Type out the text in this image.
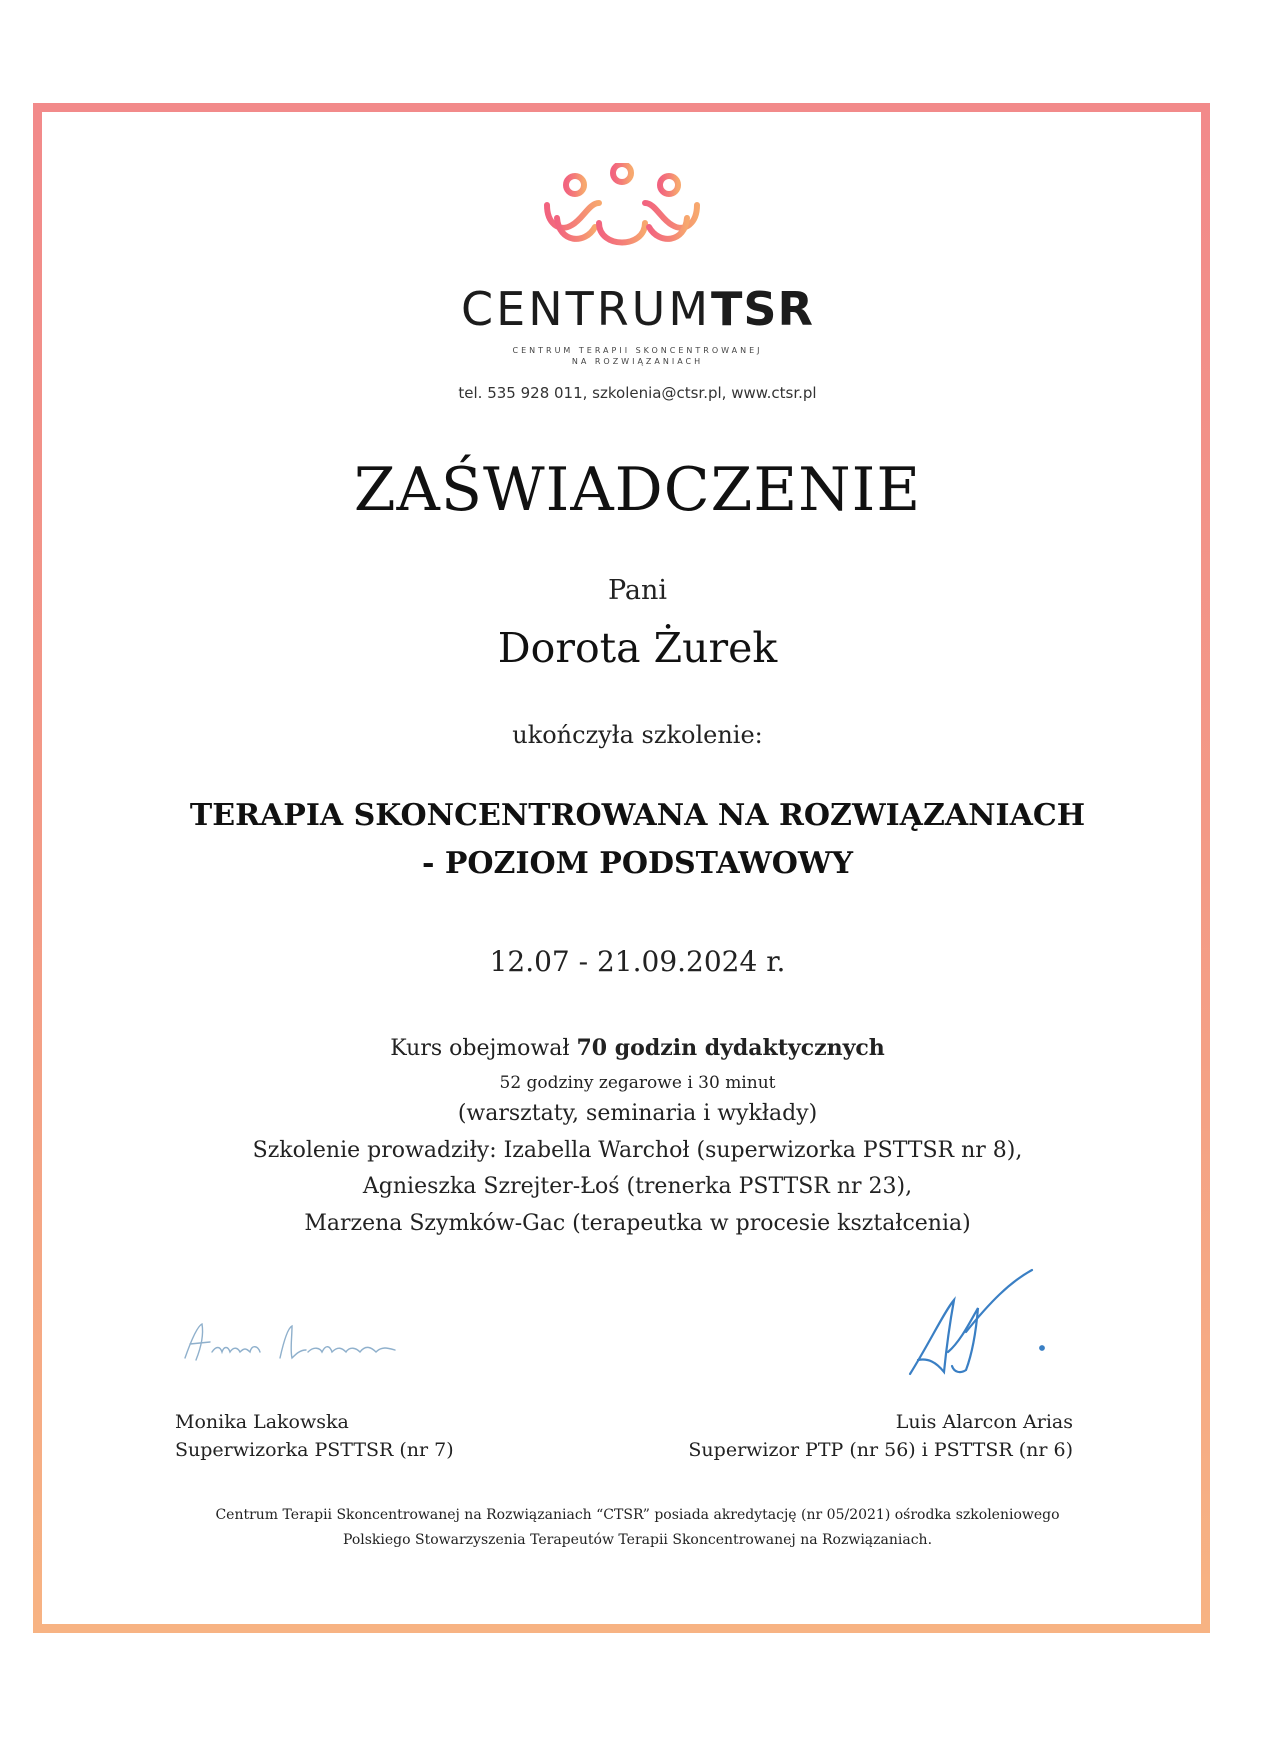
CENTRUMTSR
CENTRUM TERAPII SKONCENTROWANEJ
NA ROZWIĄZANIACH
tel. 535 928 011, szkolenia@ctsr.pl, www.ctsr.pl
ZAŚWIADCZENIE
Pani
Dorota Żurek
ukończyła szkolenie:
TERAPIA SKONCENTROWANA NA ROZWIĄZANIACH
- POZIOM PODSTAWOWY
12.07 - 21.09.2024 r.
Kurs obejmował 70 godzin dydaktycznych
52 godziny zegarowe i 30 minut
(warsztaty, seminaria i wykłady)
Szkolenie prowadziły: Izabella Warchoł (superwizorka PSTTSR nr 8),
Agnieszka Szrejter-Łoś (trenerka PSTTSR nr 23),
Marzena Szymków-Gac (terapeutka w procesie kształcenia)
Monika Lakowska
Superwizorka PSTTSR (nr 7)
Luis Alarcon Arias
Superwizor PTP (nr 56) i PSTTSR (nr 6)
Centrum Terapii Skoncentrowanej na Rozwiązaniach “CTSR” posiada akredytację (nr 05/2021) ośrodka szkoleniowego
Polskiego Stowarzyszenia Terapeutów Terapii Skoncentrowanej na Rozwiązaniach.
